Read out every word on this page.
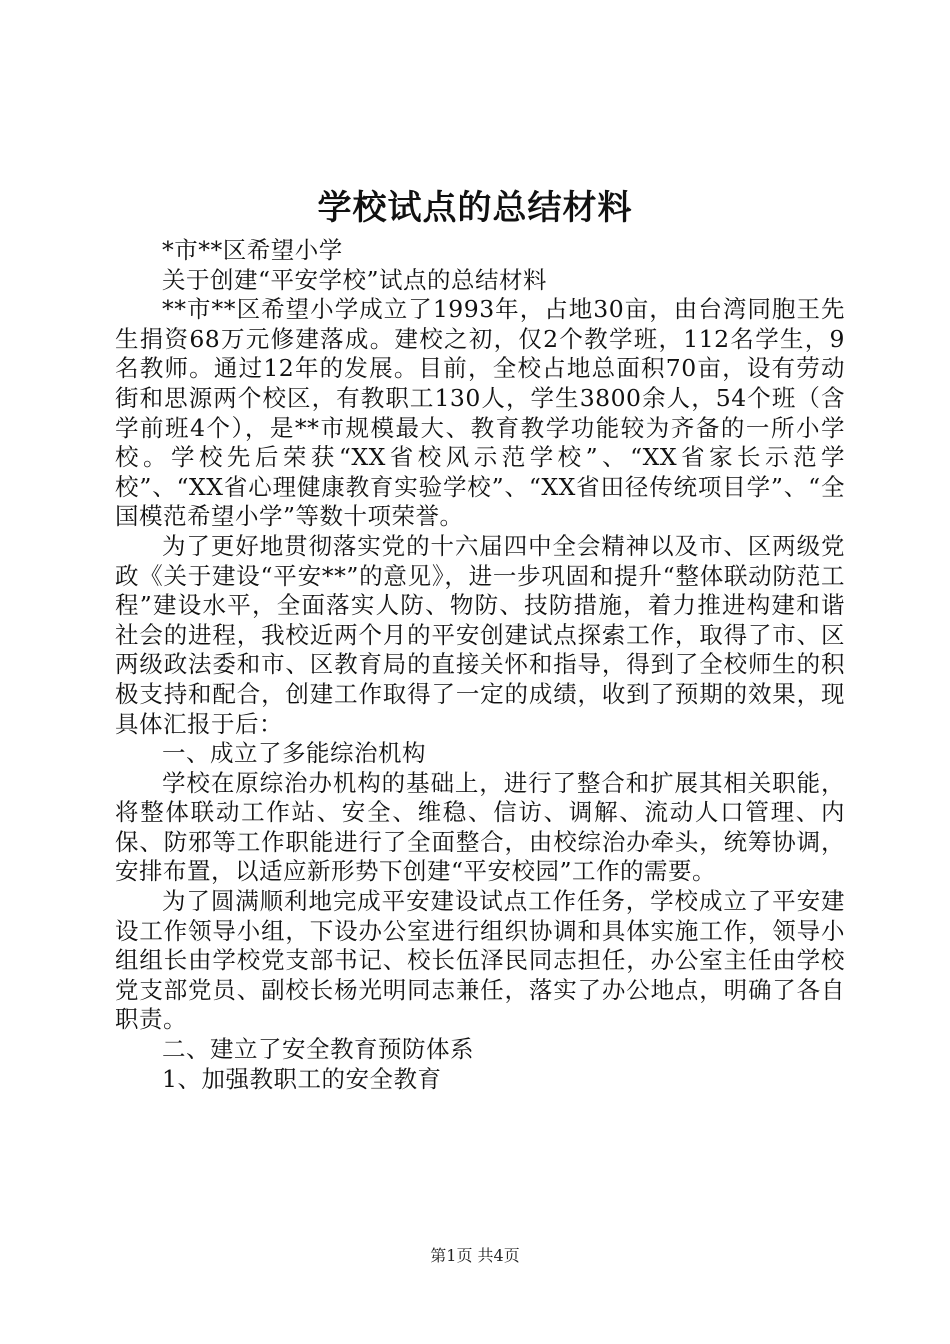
学校试点的总结材料

*市**区希望小学

关于创建“平安学校”试点的总结材料

**市**区希望小学成立了1993年，占地30亩，由台湾同胞王先生捐资68万元修建落成。建校之初，仅2个教学班，112名学生，9名教师。通过12年的发展。目前，全校占地总面积70亩，设有劳动街和思源两个校区，有教职工130人，学生3800余人，54个班（含学前班4个），是**市规模最大、教育教学功能较为齐备的一所小学校。学校先后荣获“XX省校风示范学校”、“XX省家长示范学校”、“XX省心理健康教育实验学校”、“XX省田径传统项目学”、“全国模范希望小学”等数十项荣誉。

为了更好地贯彻落实党的十六届四中全会精神以及市、区两级党政《关于建设“平安**”的意见》，进一步巩固和提升“整体联动防范工程”建设水平，全面落实人防、物防、技防措施，着力推进构建和谐社会的进程，我校近两个月的平安创建试点探索工作，取得了市、区两级政法委和市、区教育局的直接关怀和指导，得到了全校师生的积极支持和配合，创建工作取得了一定的成绩，收到了预期的效果，现具体汇报于后：

一、成立了多能综治机构

学校在原综治办机构的基础上，进行了整合和扩展其相关职能，将整体联动工作站、安全、维稳、信访、调解、流动人口管理、内保、防邪等工作职能进行了全面整合，由校综治办牵头，统筹协调，安排布置，以适应新形势下创建“平安校园”工作的需要。

为了圆满顺利地完成平安建设试点工作任务，学校成立了平安建设工作领导小组，下设办公室进行组织协调和具体实施工作，领导小组组长由学校党支部书记、校长伍泽民同志担任，办公室主任由学校党支部党员、副校长杨光明同志兼任，落实了办公地点，明确了各自职责。

二、建立了安全教育预防体系

1、加强教职工的安全教育

第1页 共4页
